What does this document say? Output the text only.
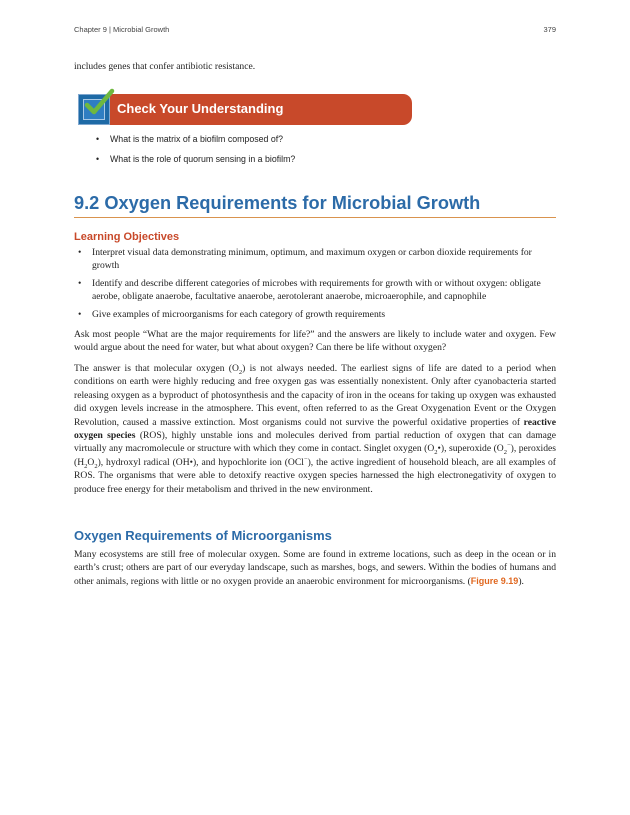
Chapter 9 | Microbial Growth	379
includes genes that confer antibiotic resistance.
Check Your Understanding
• What is the matrix of a biofilm composed of?
• What is the role of quorum sensing in a biofilm?
9.2 Oxygen Requirements for Microbial Growth
Learning Objectives
• Interpret visual data demonstrating minimum, optimum, and maximum oxygen or carbon dioxide requirements for growth
• Identify and describe different categories of microbes with requirements for growth with or without oxygen: obligate aerobe, obligate anaerobe, facultative anaerobe, aerotolerant anaerobe, microaerophile, and capnophile
• Give examples of microorganisms for each category of growth requirements
Ask most people “What are the major requirements for life?” and the answers are likely to include water and oxygen. Few would argue about the need for water, but what about oxygen? Can there be life without oxygen?
The answer is that molecular oxygen $(O_2)$ is not always needed. The earliest signs of life are dated to a period when conditions on earth were highly reducing and free oxygen gas was essentially nonexistent. Only after cyanobacteria started releasing oxygen as a byproduct of photosynthesis and the capacity of iron in the oceans for taking up oxygen was exhausted did oxygen levels increase in the atmosphere. This event, often referred to as the Great Oxygenation Event or the Oxygen Revolution, caused a massive extinction. Most organisms could not survive the powerful oxidative properties of reactive oxygen species (ROS), highly unstable ions and molecules derived from partial reduction of oxygen that can damage virtually any macromolecule or structure with which they come in contact. Singlet oxygen $(O_2•)$, superoxide $(O_2^-)$, peroxides $(H_2O_2)$, hydroxyl radical (OH•), and hypochlorite ion (OCl−), the active ingredient of household bleach, are all examples of ROS. The organisms that were able to detoxify reactive oxygen species harnessed the high electronegativity of oxygen to produce free energy for their metabolism and thrived in the new environment.
Oxygen Requirements of Microorganisms
Many ecosystems are still free of molecular oxygen. Some are found in extreme locations, such as deep in the ocean or in earth’s crust; others are part of our everyday landscape, such as marshes, bogs, and sewers. Within the bodies of humans and other animals, regions with little or no oxygen provide an anaerobic environment for microorganisms. (Figure 9.19).
